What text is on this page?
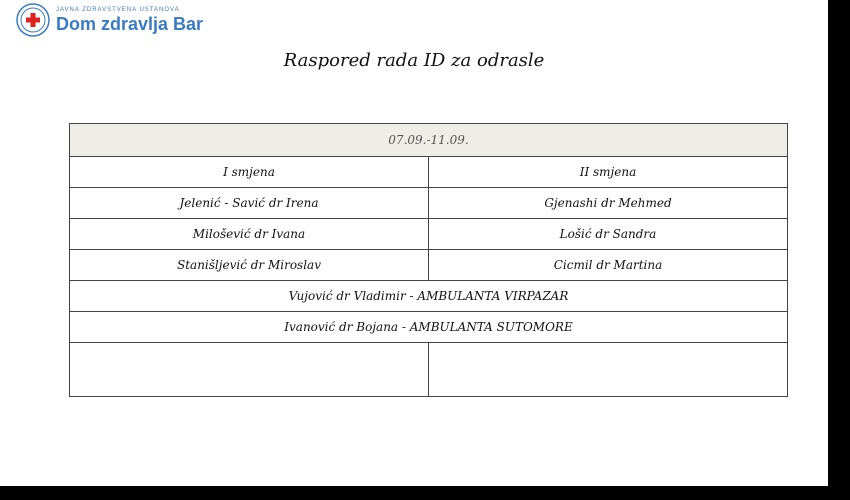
JAVNA ZDRAVSTVENA USTANOVA
Dom zdravlja Bar
Raspored rada ID za odrasle
07.09.-11.09.	
I smjena	II smjena
Jelenić - Savić dr Irena	Gjenashi dr Mehmed
Milošević dr Ivana	Lošić dr Sandra
Stanišljević dr Miroslav	Cicmil dr Martina
Vujović dr Vladimir - AMBULANTA VIRPAZAR	
Ivanović dr Bojana - AMBULANTA SUTOMORE	
